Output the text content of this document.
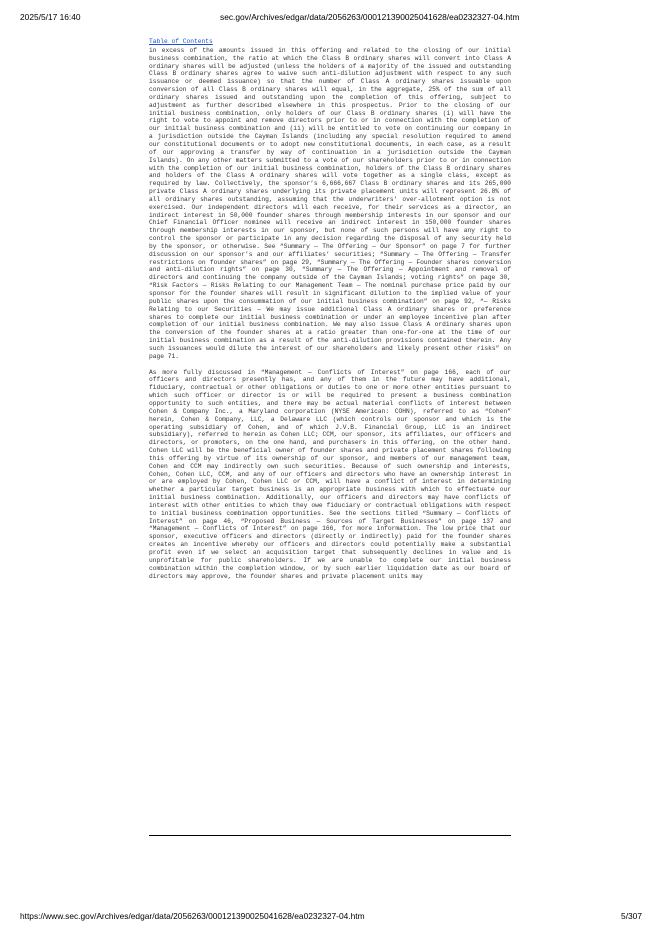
2025/5/17 16:40	sec.gov/Archives/edgar/data/2056263/000121390025041628/ea0232327-04.htm
Table of Contents

in excess of the amounts issued in this offering and related to the closing of our initial business combination, the ratio at which the Class B ordinary shares will convert into Class A ordinary shares will be adjusted (unless the holders of a majority of the issued and outstanding Class B ordinary shares agree to waive such anti-dilution adjustment with respect to any such issuance or deemed issuance) so that the number of Class A ordinary shares issuable upon conversion of all Class B ordinary shares will equal, in the aggregate, 25% of the sum of all ordinary shares issued and outstanding upon the completion of this offering, subject to adjustment as further described elsewhere in this prospectus. Prior to the closing of our initial business combination, only holders of our Class B ordinary shares (i) will have the right to vote to appoint and remove directors prior to or in connection with the completion of our initial business combination and (ii) will be entitled to vote on continuing our company in a jurisdiction outside the Cayman Islands (including any special resolution required to amend our constitutional documents or to adopt new constitutional documents, in each case, as a result of our approving a transfer by way of continuation in a jurisdiction outside the Cayman Islands). On any other matters submitted to a vote of our shareholders prior to or in connection with the completion of our initial business combination, holders of the Class B ordinary shares and holders of the Class A ordinary shares will vote together as a single class, except as required by law. Collectively, the sponsor’s 6,666,667 Class B ordinary shares and its 265,000 private Class A ordinary shares underlying its private placement units will represent 26.8% of all ordinary shares outstanding, assuming that the underwriters’ over-allotment option is not exercised. Our independent directors will each receive, for their services as a director, an indirect interest in 50,000 founder shares through membership interests in our sponsor and our Chief Financial Officer nominee will receive an indirect interest in 150,000 founder shares through membership interests in our sponsor, but none of such persons will have any right to control the sponsor or participate in any decision regarding the disposal of any security held by the sponsor, or otherwise. See “Summary — The Offering — Our Sponsor” on page 7 for further discussion on our sponsor’s and our affiliates’ securities; “Summary — The Offering — Transfer restrictions on founder shares” on page 29, “Summary — The Offering — Founder shares conversion and anti-dilution rights” on page 30, “Summary — The Offering — Appointment and removal of directors and continuing the company outside of the Cayman Islands; voting rights” on page 30, “Risk Factors — Risks Relating to our Management Team — The nominal purchase price paid by our sponsor for the founder shares will result in significant dilution to the implied value of your public shares upon the consummation of our initial business combination” on page 92, “— Risks Relating to our Securities — We may issue additional Class A ordinary shares or preference shares to complete our initial business combination or under an employee incentive plan after completion of our initial business combination. We may also issue Class A ordinary shares upon the conversion of the founder shares at a ratio greater than one-for-one at the time of our initial business combination as a result of the anti-dilution provisions contained therein. Any such issuances would dilute the interest of our shareholders and likely present other risks” on page 71.

As more fully discussed in “Management — Conflicts of Interest” on page 166, each of our officers and directors presently has, and any of them in the future may have additional, fiduciary, contractual or other obligations or duties to one or more other entities pursuant to which such officer or director is or will be required to present a business combination opportunity to such entities, and there may be actual material conflicts of interest between Cohen & Company Inc., a Maryland corporation (NYSE American: COHN), referred to as “Cohen” herein, Cohen & Company, LLC, a Delaware LLC (which controls our sponsor and which is the operating subsidiary of Cohen, and of which J.V.B. Financial Group, LLC is an indirect subsidiary), referred to herein as Cohen LLC; CCM, our sponsor, its affiliates, our officers and directors, or promoters, on the one hand, and purchasers in this offering, on the other hand. Cohen LLC will be the beneficial owner of founder shares and private placement shares following this offering by virtue of its ownership of our sponsor, and members of our management team, Cohen and CCM may indirectly own such securities. Because of such ownership and interests, Cohen, Cohen LLC, CCM, and any of our officers and directors who have an ownership interest in or are employed by Cohen, Cohen LLC or CCM, will have a conflict of interest in determining whether a particular target business is an appropriate business with which to effectuate our initial business combination. Additionally, our officers and directors may have conflicts of interest with other entities to which they owe fiduciary or contractual obligations with respect to initial business combination opportunities. See the sections titled “Summary — Conflicts of Interest” on page 46, “Proposed Business — Sources of Target Businesses” on page 137 and “Management — Conflicts of Interest” on page 166, for more information. The low price that our sponsor, executive officers and directors (directly or indirectly) paid for the founder shares creates an incentive whereby our officers and directors could potentially make a substantial profit even if we select an acquisition target that subsequently declines in value and is unprofitable for public shareholders. If we are unable to complete our initial business combination within the completion window, or by such earlier liquidation date as our board of directors may approve, the founder shares and private placement units may

https://www.sec.gov/Archives/edgar/data/2056263/000121390025041628/ea0232327-04.htm	5/307
